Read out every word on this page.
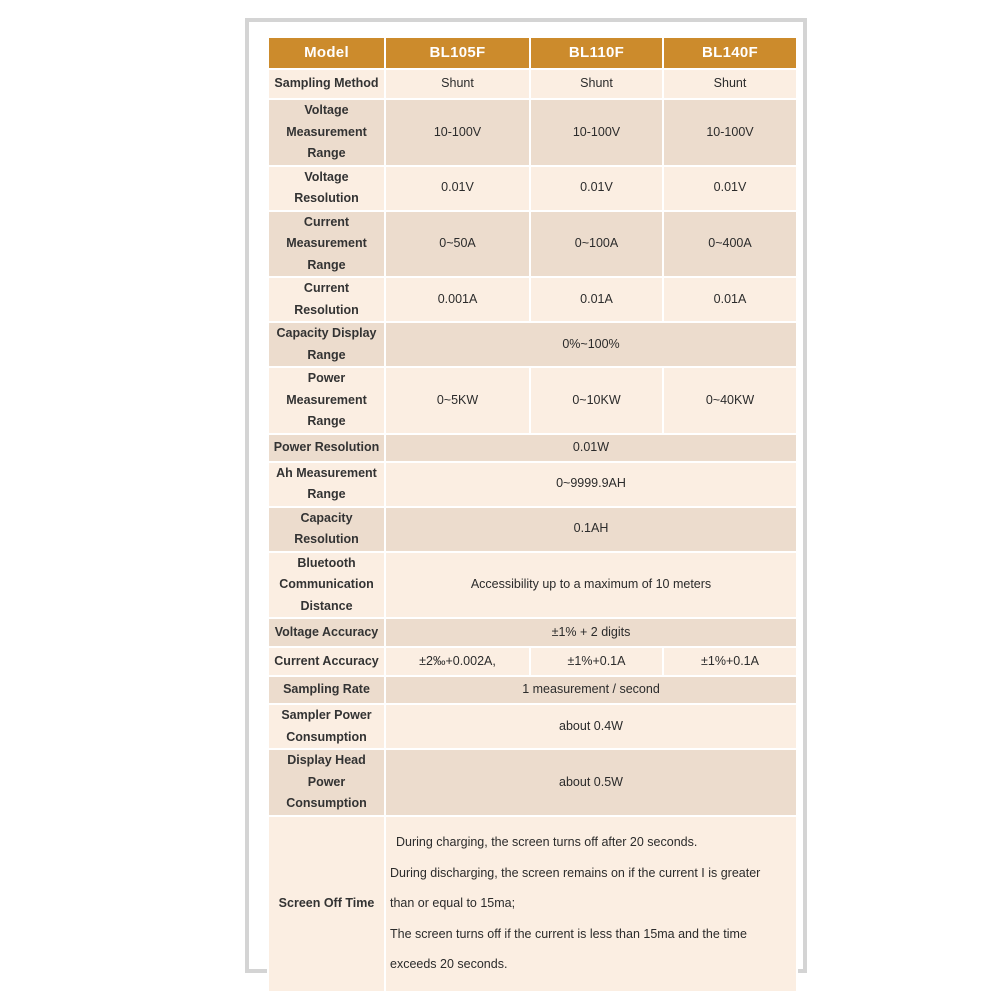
Model	BL105F	BL110F	BL140F
Sampling Method	Shunt	Shunt	Shunt
Voltage
Measurement
Range	10-100V	10-100V	10-100V
Voltage Resolution	0.01V	0.01V	0.01V
Current
Measurement
Range	0~50A	0~100A	0~400A
Current Resolution	0.001A	0.01A	0.01A
Capacity Display
Range	0%~100%		
Power
Measurement
Range	0~5KW	0~10KW	0~40KW
Power Resolution	0.01W		
Ah Measurement
Range	0~9999.9AH		
Capacity
Resolution	0.1AH		
Bluetooth
Communication
Distance	Accessibility up to a maximum of 10 meters		
Voltage Accuracy	±1% + 2 digits		
Current Accuracy	±2‰+0.002A,	±1%+0.1A	±1%+0.1A
Sampling Rate	1 measurement / second		
Sampler Power
Consumption	about 0.4W		
Display Head
Power
Consumption	about 0.5W		
Screen Off Time	During charging, the screen turns off after 20 seconds.
During discharging, the screen remains on if the current I is greater
than or equal to 15ma;
The screen turns off if the current is less than 15ma and the time
exceeds 20 seconds.		
